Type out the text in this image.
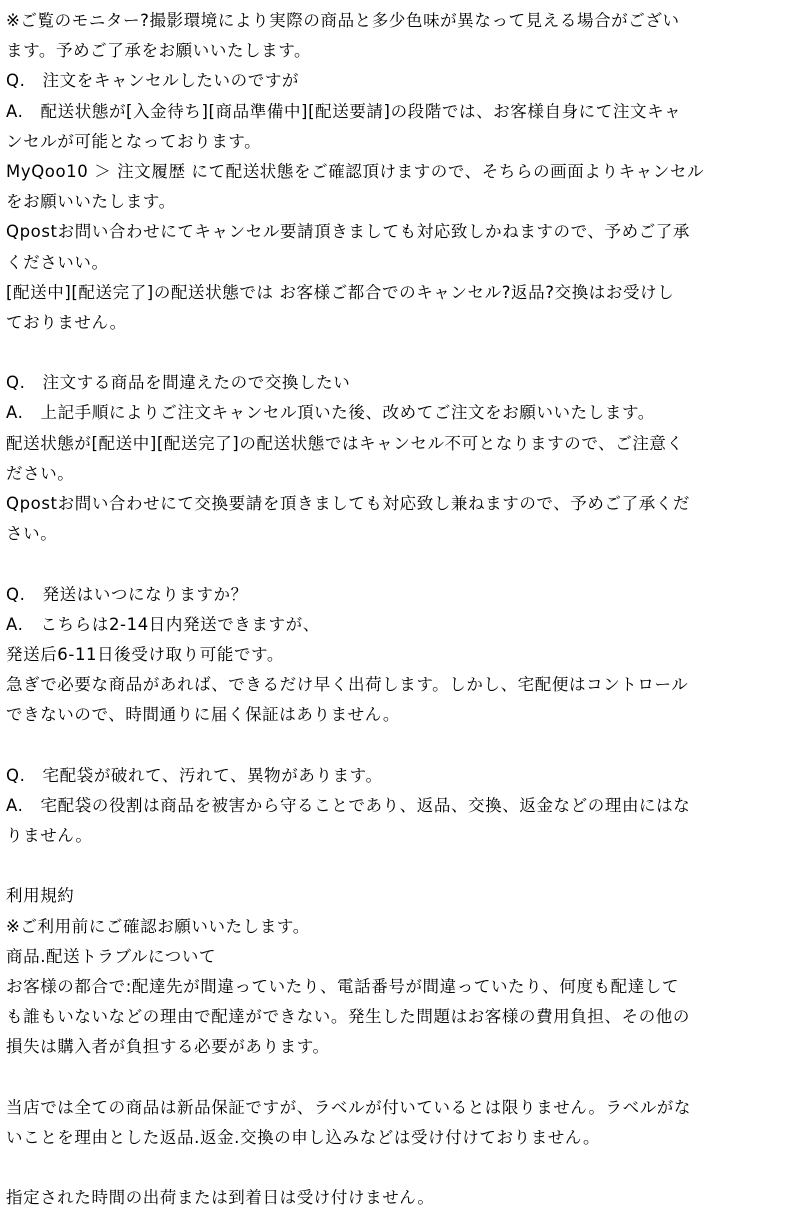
※ご覧のモニター?撮影環境により実際の商品と多少色味が異なって見える場合がござい
ます。予めご了承をお願いいたします。
Q.　注文をキャンセルしたいのですが
A.　配送状態が[入金待ち][商品準備中][配送要請]の段階では、お客様自身にて注文キャ
ンセルが可能となっております。
MyQoo10 ＞ 注文履歴 にて配送状態をご確認頂けますので、そちらの画面よりキャンセル
をお願いいたします。
Qpostお問い合わせにてキャンセル要請頂きましても対応致しかねますので、予めご了承
くださいい。
[配送中][配送完了]の配送状態では お客様ご都合でのキャンセル?返品?交換はお受けし
ておりません。
Q.　注文する商品を間違えたので交換したい
A.　上記手順によりご注文キャンセル頂いた後、改めてご注文をお願いいたします。
配送状態が[配送中][配送完了]の配送状態ではキャンセル不可となりますので、ご注意く
ださい。
Qpostお問い合わせにて交換要請を頂きましても対応致し兼ねますので、予めご了承くだ
さい。
Q.　発送はいつになりますか？
A.　こちらは2-14日内発送できますが、
発送后6-11日後受け取り可能です。
急ぎで必要な商品があれば、できるだけ早く出荷します。しかし、宅配便はコントロール
できないので、時間通りに届く保証はありません。
Q.　宅配袋が破れて、汚れて、異物があります。
A.　宅配袋の役割は商品を被害から守ることであり、返品、交換、返金などの理由にはな
りません。
利用規約
※ご利用前にご確認お願いいたします。
商品.配送トラブルについて
お客様の都合で:配達先が間違っていたり、電話番号が間違っていたり、何度も配達して
も誰もいないなどの理由で配達ができない。発生した問題はお客様の費用負担、その他の
損失は購入者が負担する必要があります。
当店では全ての商品は新品保証ですが、ラベルが付いているとは限りません。ラベルがな
いことを理由とした返品.返金.交換の申し込みなどは受け付けておりません。
指定された時間の出荷または到着日は受け付けません。
